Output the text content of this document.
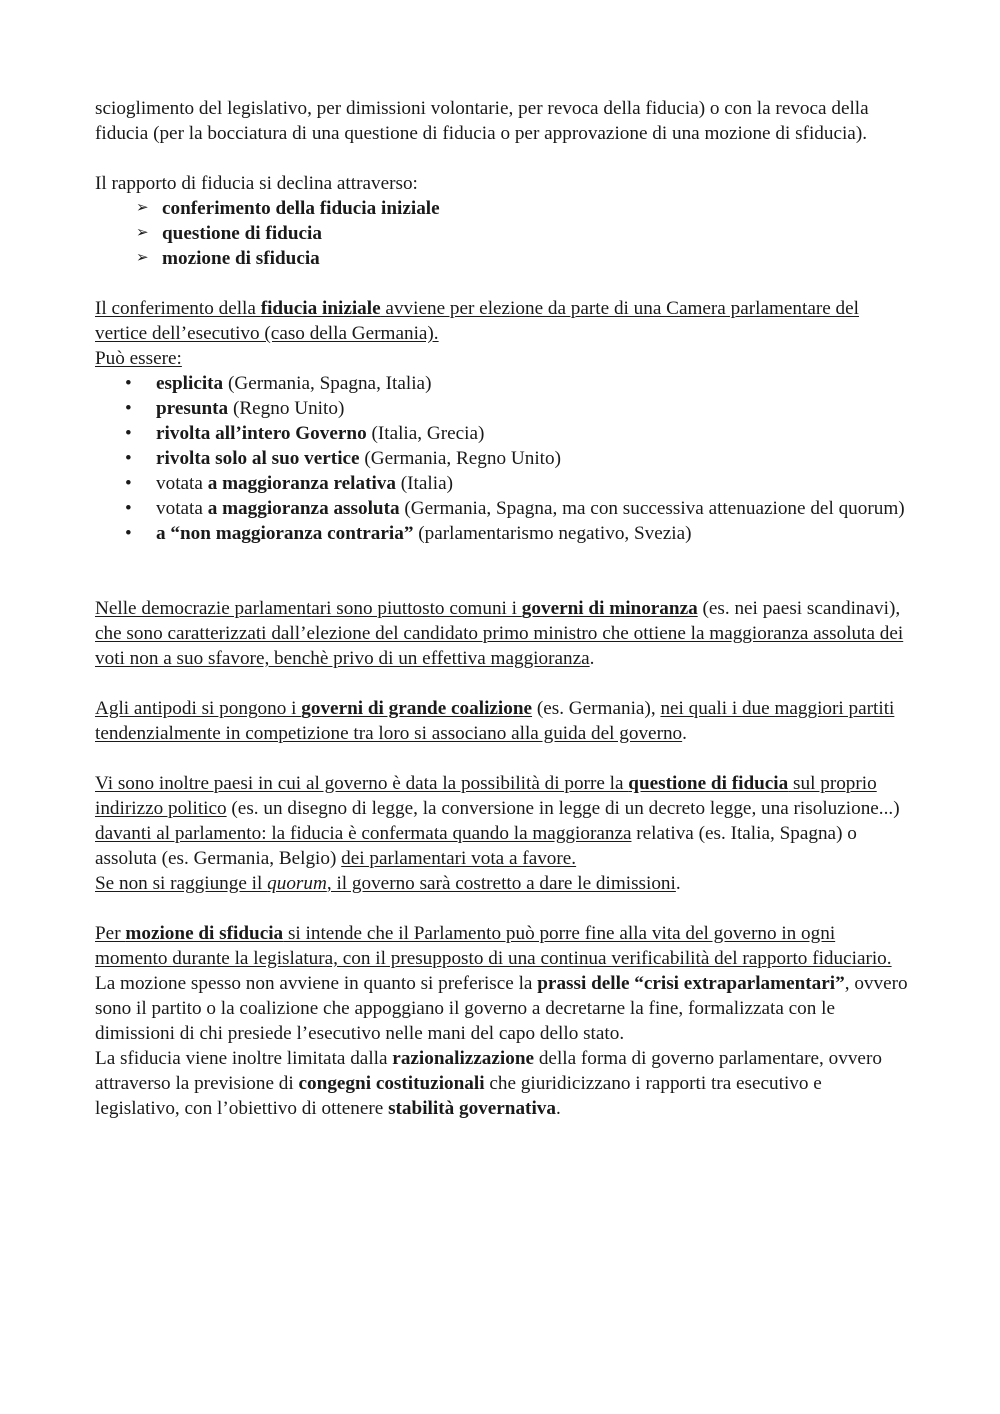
scioglimento del legislativo, per dimissioni volontarie, per revoca della fiducia) o con la revoca della fiducia (per la bocciatura di una questione di fiducia o per approvazione di una mozione di sfiducia).

Il rapporto di fiducia si declina attraverso:

➢ conferimento della fiducia iniziale
➢ questione di fiducia
➢ mozione di sfiducia

Il conferimento della fiducia iniziale avviene per elezione da parte di una Camera parlamentare del vertice dell’esecutivo (caso della Germania).

Può essere:

• esplicita (Germania, Spagna, Italia)
• presunta (Regno Unito)
• rivolta all’intero Governo (Italia, Grecia)
• rivolta solo al suo vertice (Germania, Regno Unito)
• votata a maggioranza relativa (Italia)
• votata a maggioranza assoluta (Germania, Spagna, ma con successiva attenuazione del quorum)
• a “non maggioranza contraria” (parlamentarismo negativo, Svezia)

Nelle democrazie parlamentari sono piuttosto comuni i governi di minoranza (es. nei paesi scandinavi), che sono caratterizzati dall’elezione del candidato primo ministro che ottiene la maggioranza assoluta dei voti non a suo sfavore, benchè privo di un effettiva maggioranza.

Agli antipodi si pongono i governi di grande coalizione (es. Germania), nei quali i due maggiori partiti tendenzialmente in competizione tra loro si associano alla guida del governo.

Vi sono inoltre paesi in cui al governo è data la possibilità di porre la questione di fiducia sul proprio indirizzo politico (es. un disegno di legge, la conversione in legge di un decreto legge, una risoluzione...) davanti al parlamento: la fiducia è confermata quando la maggioranza relativa (es. Italia, Spagna) o assoluta (es. Germania, Belgio) dei parlamentari vota a favore.

Se non si raggiunge il quorum, il governo sarà costretto a dare le dimissioni.

Per mozione di sfiducia si intende che il Parlamento può porre fine alla vita del governo in ogni momento durante la legislatura, con il presupposto di una continua verificabilità del rapporto fiduciario.

La mozione spesso non avviene in quanto si preferisce la prassi delle “crisi extraparlamentari”, ovvero sono il partito o la coalizione che appoggiano il governo a decretarne la fine, formalizzata con le dimissioni di chi presiede l’esecutivo nelle mani del capo dello stato.

La sfiducia viene inoltre limitata dalla razionalizzazione della forma di governo parlamentare, ovvero attraverso la previsione di congegni costituzionali che giuridicizzano i rapporti tra esecutivo e legislativo, con l’obiettivo di ottenere stabilità governativa.
